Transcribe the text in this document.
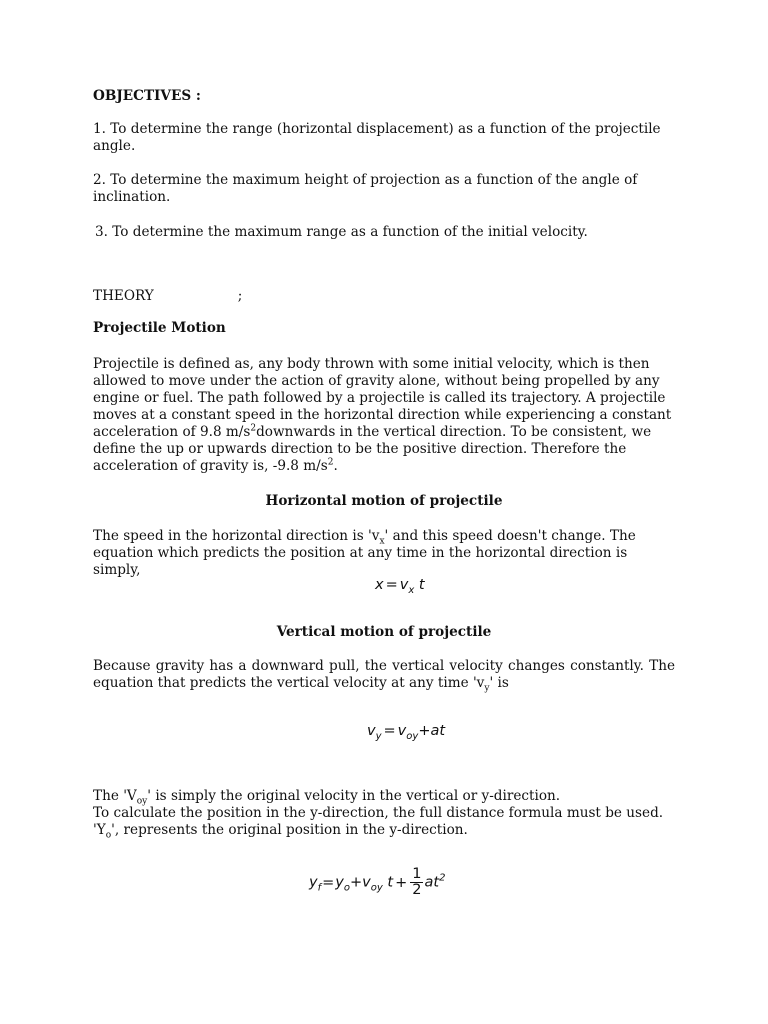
OBJECTIVES :

1. To determine the range (horizontal displacement) as a function of the projectile angle.

2. To determine the maximum height of projection as a function of the angle of inclination.

3. To determine the maximum range as a function of the initial velocity.

THEORY	;

Projectile Motion

Projectile is defined as, any body thrown with some initial velocity, which is then allowed to move under the action of gravity alone, without being propelled by any engine or fuel. The path followed by a projectile is called its trajectory. A projectile moves at a constant speed in the horizontal direction while experiencing a constant acceleration of 9.8 $m/s^2downwards$ in the vertical direction. To be consistent, we define the up or upwards direction to be the positive direction. Therefore the acceleration of gravity is, -9.8 $m/s^2$.

Horizontal motion of projectile

The speed in the horizontal direction is '$v_x$' and this speed doesn't change. The equation which predicts the position at any time in the horizontal direction is simply,

$x = v_x$ t

Vertical motion of projectile

Because gravity has a downward pull, the vertical velocity changes constantly. The equation that predicts the vertical velocity at any time '$v_y$' is

$v_y = v_{oy}+at$

The '$V_{oy}$' is simply the original velocity in the vertical or y-direction.

To calculate the position in the y-direction, the full distance formula must be used. '$Y_o$', represents the original position in the y-direction.

$y_f=y_o+v_{oy}$ $t + \frac{1}{2} at^2$
